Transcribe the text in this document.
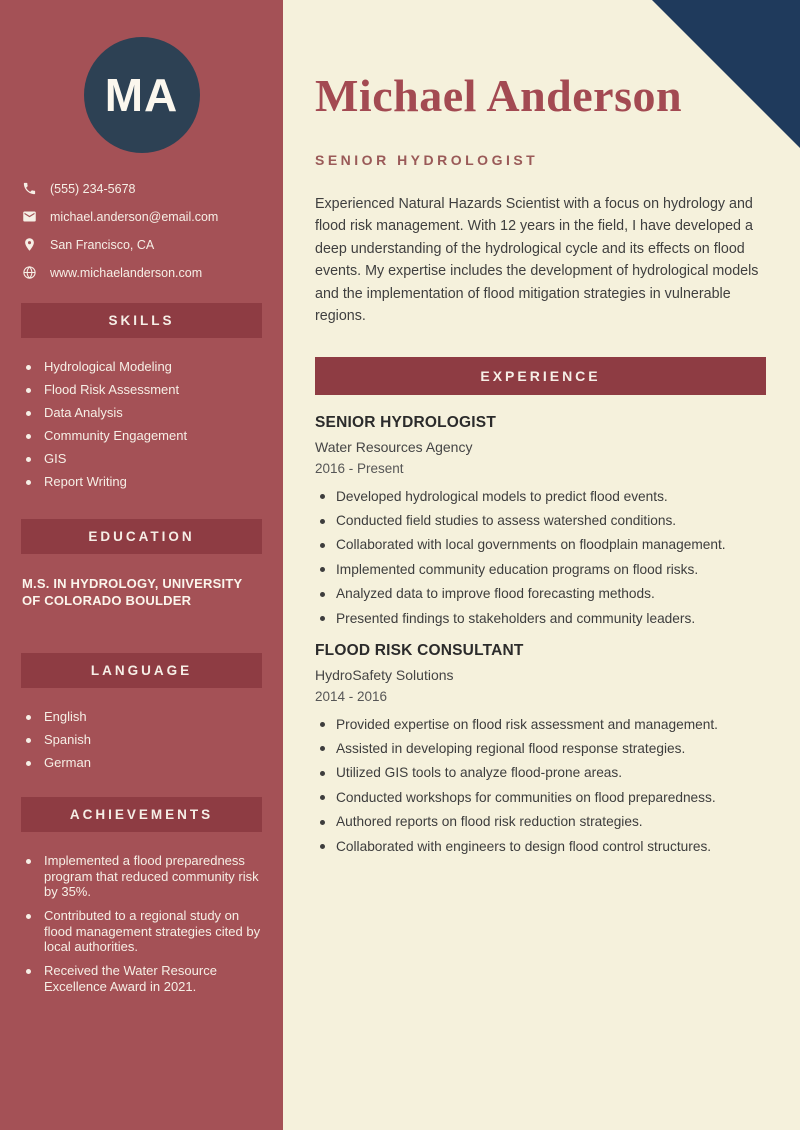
MA
(555) 234-5678
michael.anderson@email.com
San Francisco, CA
www.michaelanderson.com
SKILLS
Hydrological Modeling
Flood Risk Assessment
Data Analysis
Community Engagement
GIS
Report Writing
EDUCATION
M.S. IN HYDROLOGY, UNIVERSITY OF COLORADO BOULDER
LANGUAGE
English
Spanish
German
ACHIEVEMENTS
Implemented a flood preparedness program that reduced community risk by 35%.
Contributed to a regional study on flood management strategies cited by local authorities.
Received the Water Resource Excellence Award in 2021.
Michael Anderson
SENIOR HYDROLOGIST

Experienced Natural Hazards Scientist with a focus on hydrology and flood risk management. With 12 years in the field, I have developed a deep understanding of the hydrological cycle and its effects on flood events. My expertise includes the development of hydrological models and the implementation of flood mitigation strategies in vulnerable regions.

EXPERIENCE
SENIOR HYDROLOGIST
Water Resources Agency
2016 - Present
Developed hydrological models to predict flood events.
Conducted field studies to assess watershed conditions.
Collaborated with local governments on floodplain management.
Implemented community education programs on flood risks.
Analyzed data to improve flood forecasting methods.
Presented findings to stakeholders and community leaders.
FLOOD RISK CONSULTANT
HydroSafety Solutions
2014 - 2016
Provided expertise on flood risk assessment and management.
Assisted in developing regional flood response strategies.
Utilized GIS tools to analyze flood-prone areas.
Conducted workshops for communities on flood preparedness.
Authored reports on flood risk reduction strategies.
Collaborated with engineers to design flood control structures.
